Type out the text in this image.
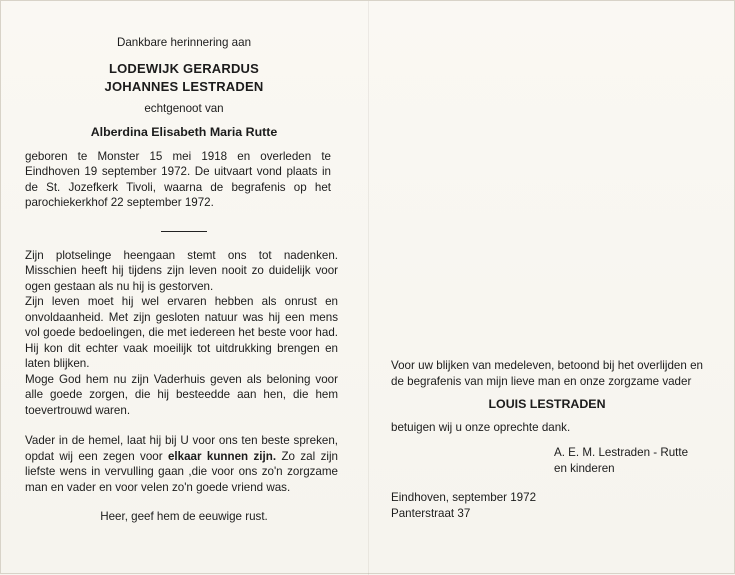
Dankbare herinnering aan
LODEWIJK GERARDUS
JOHANNES LESTRADEN
echtgenoot van
Alberdina Elisabeth Maria Rutte
geboren te Monster 15 mei 1918 en overleden te Eindhoven 19 september 1972. De uitvaart vond plaats in de St. Jozefkerk Tivoli, waarna de begrafenis op het parochiekerkhof 22 september 1972.

Zijn plotselinge heengaan stemt ons tot nadenken. Misschien heeft hij tijdens zijn leven nooit zo duidelijk voor ogen gestaan als nu hij is gestorven.

Zijn leven moet hij wel ervaren hebben als onrust en onvoldaanheid. Met zijn gesloten natuur was hij een mens vol goede bedoelingen, die met iedereen het beste voor had. Hij kon dit echter vaak moeilijk tot uitdrukking brengen en laten blijken.

Moge God hem nu zijn Vaderhuis geven als beloning voor alle goede zorgen, die hij besteedde aan hen, die hem toevertrouwd waren.

Vader in de hemel, laat hij bij U voor ons ten beste spreken, opdat wij een zegen voor elkaar kunnen zijn. Zo zal zijn liefste wens in vervulling gaan ,die voor ons zo'n zorgzame man en vader en voor velen zo'n goede vriend was.

Heer, geef hem de eeuwige rust.
Voor uw blijken van medeleven, betoond bij het overlijden en de begrafenis van mijn lieve man en onze zorgzame vader
LOUIS LESTRADEN
betuigen wij u onze oprechte dank.
A. E. M. Lestraden - Rutte
en kinderen
Eindhoven, september 1972
Panterstraat 37
